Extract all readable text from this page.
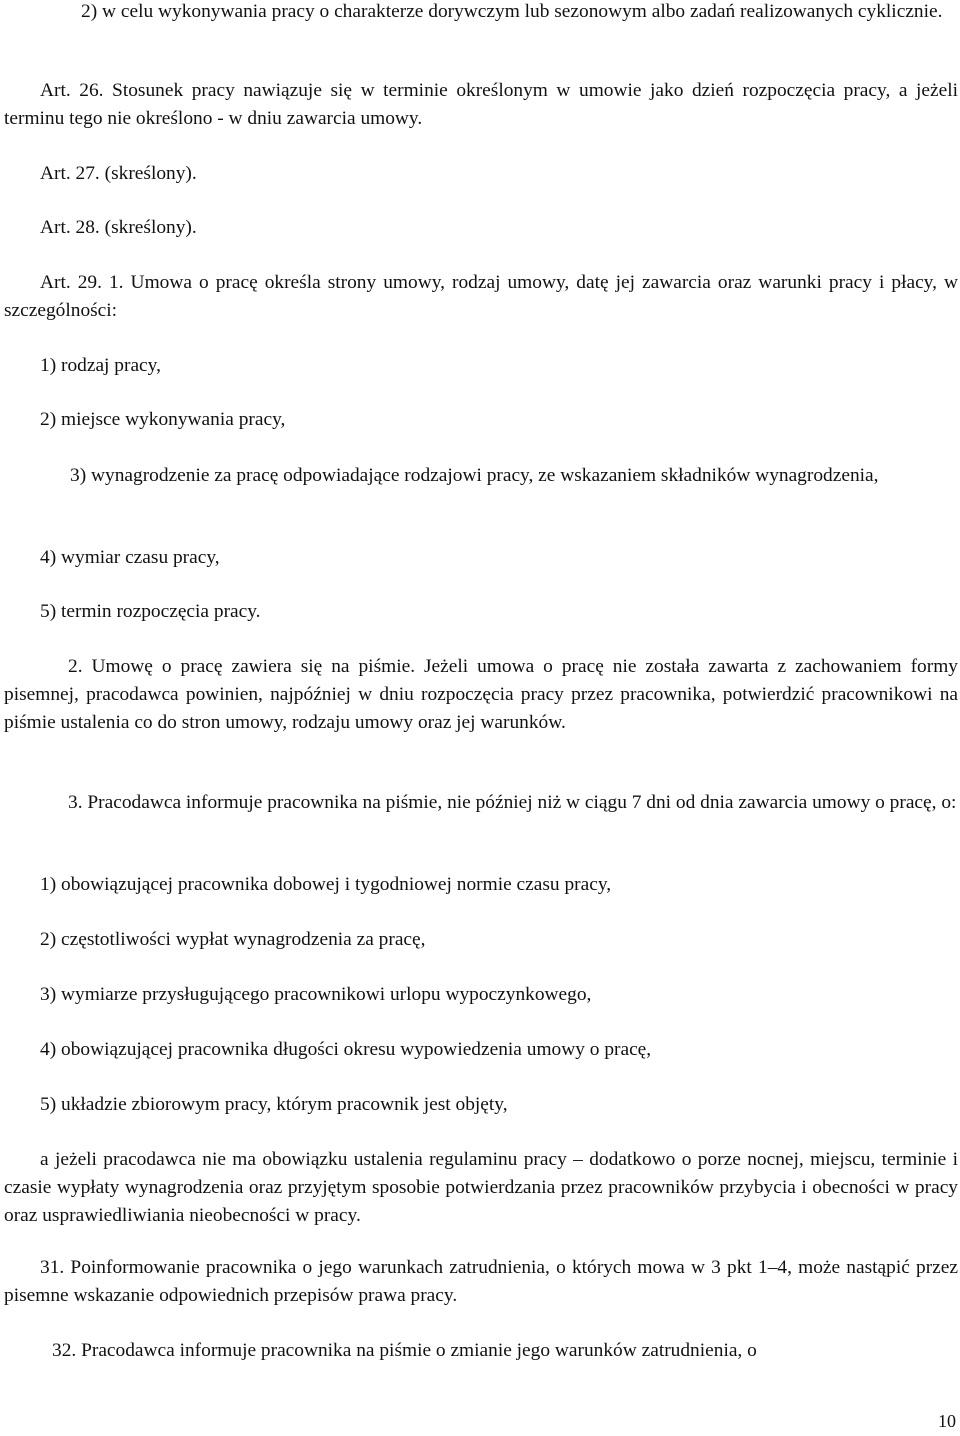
2) w celu wykonywania pracy o charakterze dorywczym lub sezonowym albo zadań realizowanych cyklicznie.

Art. 26. Stosunek pracy nawiązuje się w terminie określonym w umowie jako dzień rozpoczęcia pracy, a jeżeli terminu tego nie określono - w dniu zawarcia umowy.

Art. 27. (skreślony).

Art. 28. (skreślony).

Art. 29. 1. Umowa o pracę określa strony umowy, rodzaj umowy, datę jej zawarcia oraz warunki pracy i płacy, w szczególności:

1) rodzaj pracy,

2) miejsce wykonywania pracy,

3) wynagrodzenie za pracę odpowiadające rodzajowi pracy, ze wskazaniem składników wynagrodzenia,

4) wymiar czasu pracy,

5) termin rozpoczęcia pracy.

2. Umowę o pracę zawiera się na piśmie. Jeżeli umowa o pracę nie została zawarta z zachowaniem formy pisemnej, pracodawca powinien, najpóźniej w dniu rozpoczęcia pracy przez pracownika, potwierdzić pracownikowi na piśmie ustalenia co do stron umowy, rodzaju umowy oraz jej warunków.

3. Pracodawca informuje pracownika na piśmie, nie później niż w ciągu 7 dni od dnia zawarcia umowy o pracę, o:

1) obowiązującej pracownika dobowej i tygodniowej normie czasu pracy,

2) częstotliwości wypłat wynagrodzenia za pracę,

3) wymiarze przysługującego pracownikowi urlopu wypoczynkowego,

4) obowiązującej pracownika długości okresu wypowiedzenia umowy o pracę,

5) układzie zbiorowym pracy, którym pracownik jest objęty,

a jeżeli pracodawca nie ma obowiązku ustalenia regulaminu pracy – dodatkowo o porze nocnej, miejscu, terminie i czasie wypłaty wynagrodzenia oraz przyjętym sposobie potwierdzania przez pracowników przybycia i obecności w pracy oraz usprawiedliwiania nieobecności w pracy.

31. Poinformowanie pracownika o jego warunkach zatrudnienia, o których mowa w 3 pkt 1–4, może nastąpić przez pisemne wskazanie odpowiednich przepisów prawa pracy.

32. Pracodawca informuje pracownika na piśmie o zmianie jego warunków zatrudnienia, o

10
